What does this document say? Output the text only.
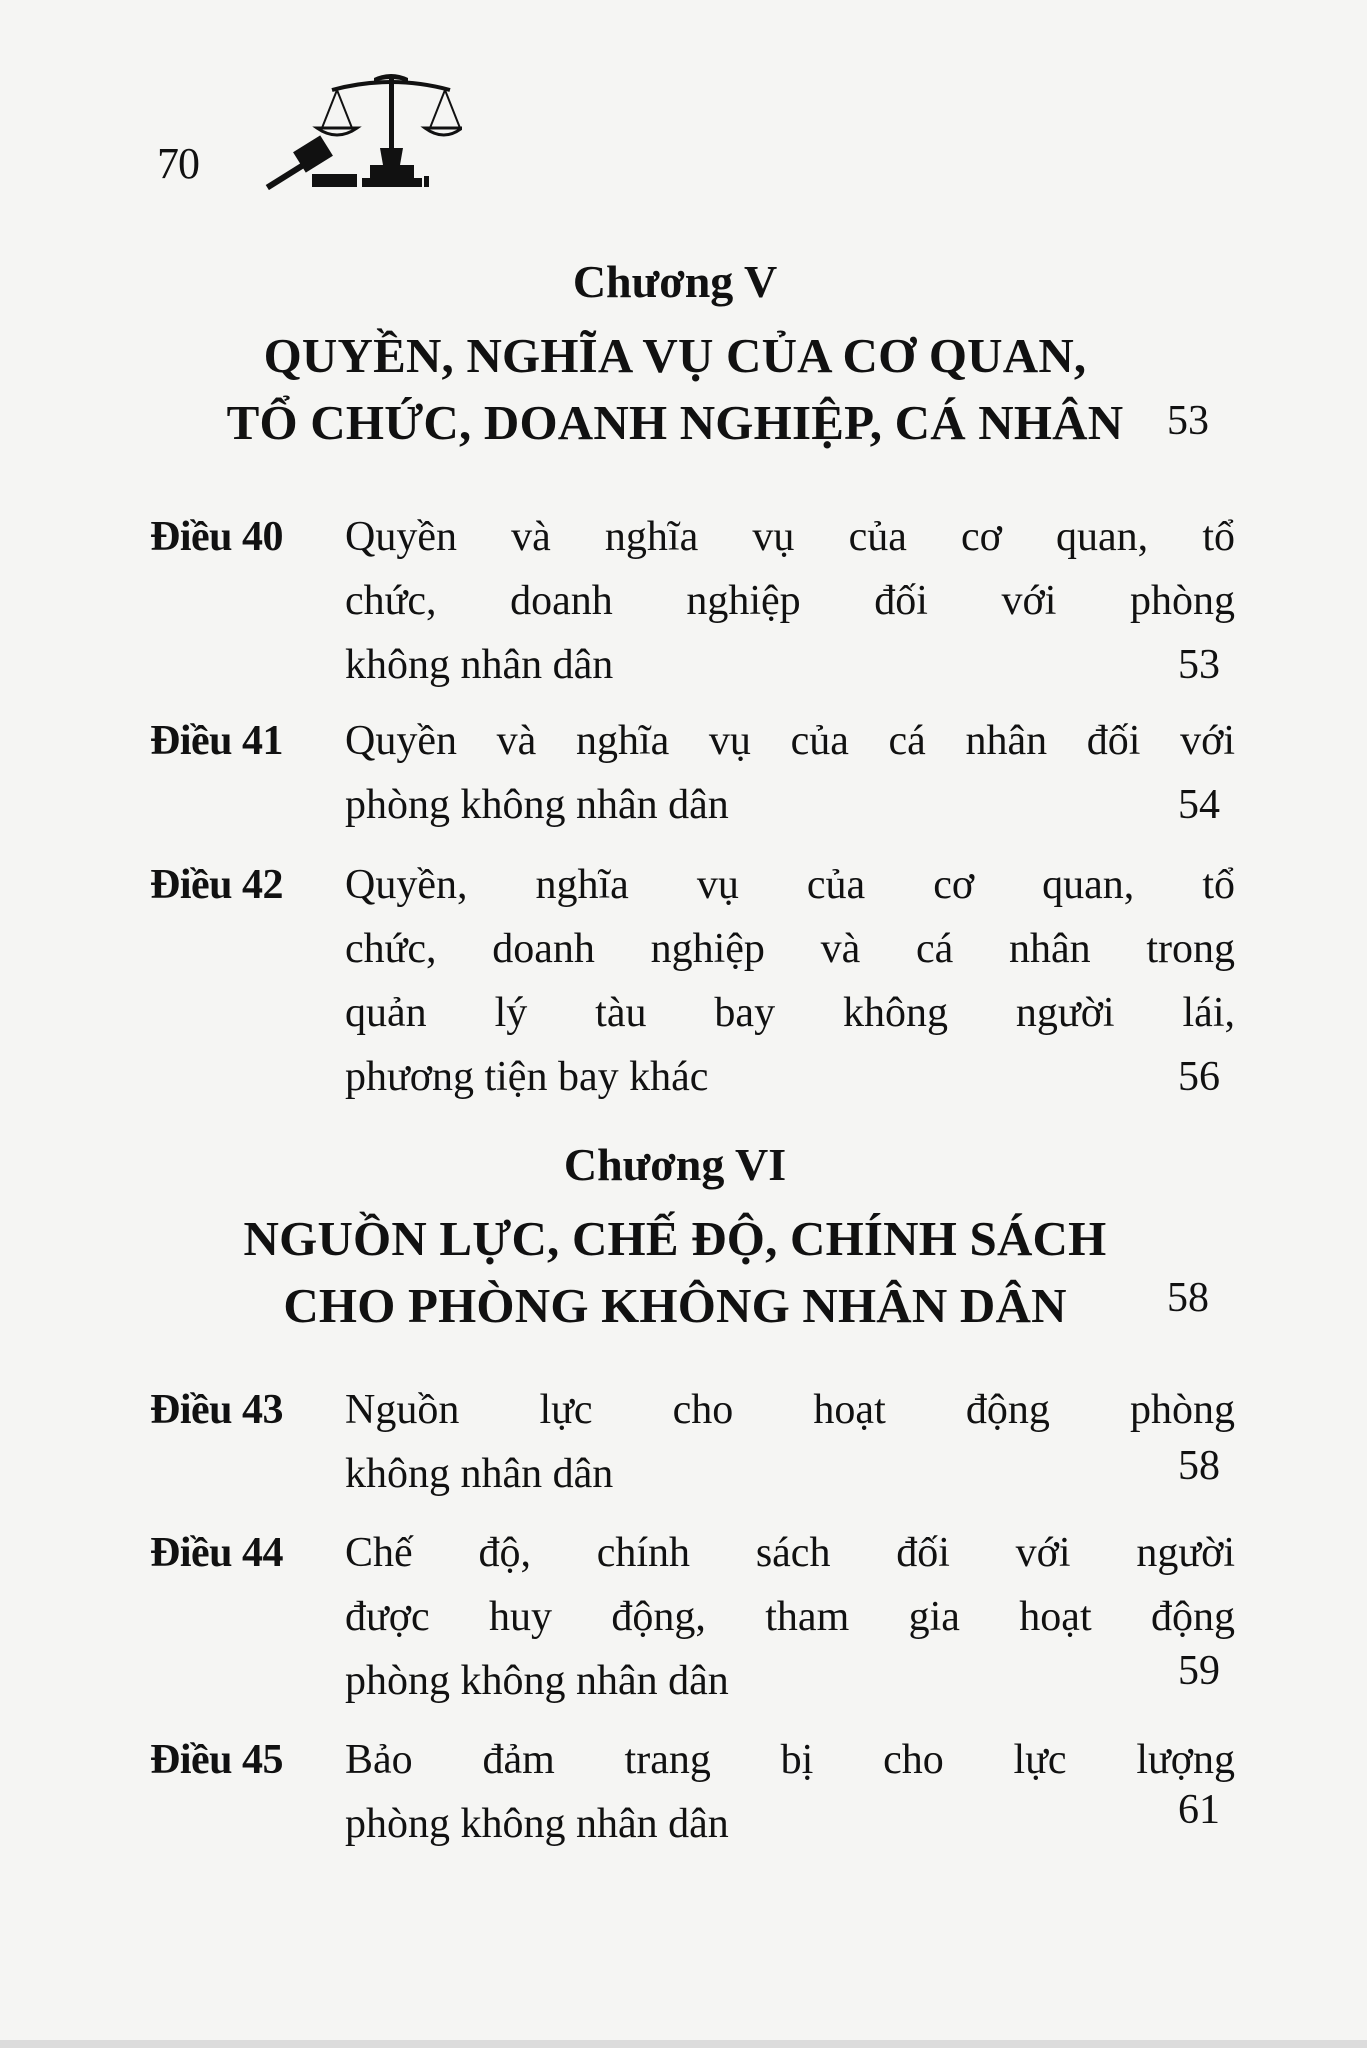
70
Chương V
QUYỀN, NGHĨA VỤ CỦA CƠ QUAN,
TỔ CHỨC, DOANH NGHIỆP, CÁ NHÂN	53
Điều 40 Quyền và nghĩa vụ của cơ quan, tổ
chức, doanh nghiệp đối với phòng
không nhân dân	53
Điều 41 Quyền và nghĩa vụ của cá nhân đối với
phòng không nhân dân	54
Điều 42 Quyền, nghĩa vụ của cơ quan, tổ
chức, doanh nghiệp và cá nhân trong
quản lý tàu bay không người lái,
phương tiện bay khác	56
Chương VI
NGUỒN LỰC, CHẾ ĐỘ, CHÍNH SÁCH
CHO PHÒNG KHÔNG NHÂN DÂN	58
Điều 43 Nguồn lực cho hoạt động phòng
không nhân dân	58
Điều 44 Chế độ, chính sách đối với người
được huy động, tham gia hoạt động
phòng không nhân dân	59
Điều 45 Bảo đảm trang bị cho lực lượng
phòng không nhân dân	61
